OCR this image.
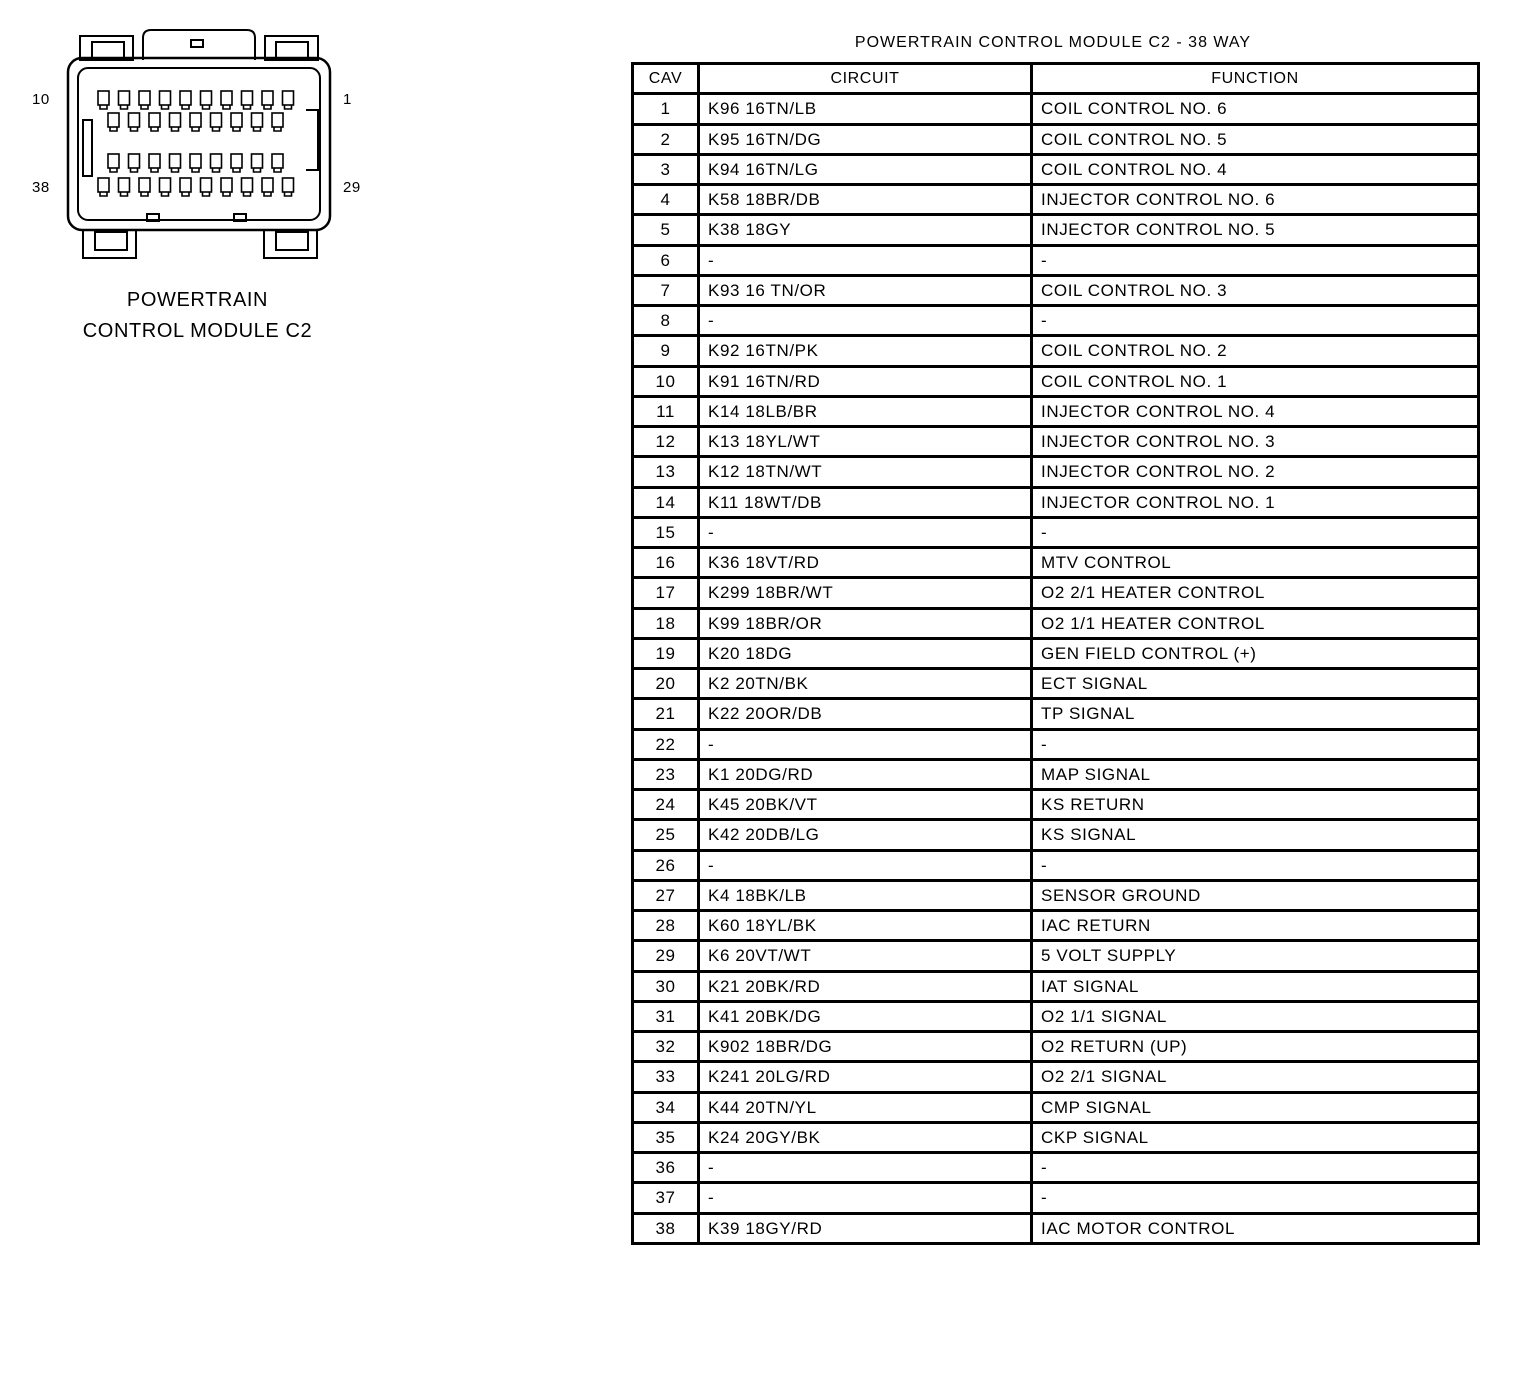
10	1
38	29
POWERTRAIN
CONTROL MODULE C2
POWERTRAIN CONTROL MODULE C2 - 38 WAY
CAV	CIRCUIT	FUNCTION
1	K96 16TN/LB	COIL CONTROL NO. 6
2	K95 16TN/DG	COIL CONTROL NO. 5
3	K94 16TN/LG	COIL CONTROL NO. 4
4	K58 18BR/DB	INJECTOR CONTROL NO. 6
5	K38 18GY	INJECTOR CONTROL NO. 5
6	-	-
7	K93 16 TN/OR	COIL CONTROL NO. 3
8	-	-
9	K92 16TN/PK	COIL CONTROL NO. 2
10	K91 16TN/RD	COIL CONTROL NO. 1
11	K14 18LB/BR	INJECTOR CONTROL NO. 4
12	K13 18YL/WT	INJECTOR CONTROL NO. 3
13	K12 18TN/WT	INJECTOR CONTROL NO. 2
14	K11 18WT/DB	INJECTOR CONTROL NO. 1
15	-	-
16	K36 18VT/RD	MTV CONTROL
17	K299 18BR/WT	O2 2/1 HEATER CONTROL
18	K99 18BR/OR	O2 1/1 HEATER CONTROL
19	K20 18DG	GEN FIELD CONTROL (+)
20	K2 20TN/BK	ECT SIGNAL
21	K22 20OR/DB	TP SIGNAL
22	-	-
23	K1 20DG/RD	MAP SIGNAL
24	K45 20BK/VT	KS RETURN
25	K42 20DB/LG	KS SIGNAL
26	-	-
27	K4 18BK/LB	SENSOR GROUND
28	K60 18YL/BK	IAC RETURN
29	K6 20VT/WT	5 VOLT SUPPLY
30	K21 20BK/RD	IAT SIGNAL
31	K41 20BK/DG	O2 1/1 SIGNAL
32	K902 18BR/DG	O2 RETURN (UP)
33	K241 20LG/RD	O2 2/1 SIGNAL
34	K44 20TN/YL	CMP SIGNAL
35	K24 20GY/BK	CKP SIGNAL
36	-	-
37	-	-
38	K39 18GY/RD	IAC MOTOR CONTROL
